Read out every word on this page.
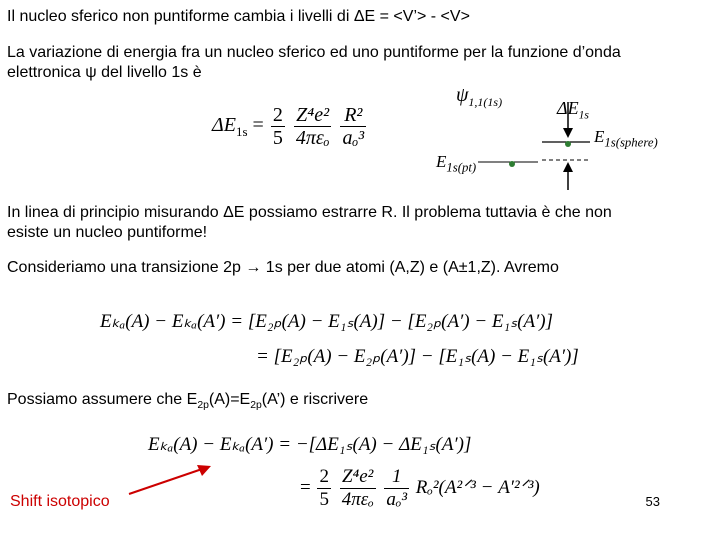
Il nucleo sferico non puntiforme cambia i livelli di ΔE = <V’> - <V>
La variazione di energia fra un nucleo sferico ed uno puntiforme per la funzione d’onda
elettronica ψ del livello 1s è
$\Delta E_{1s} = \frac{2}{5}$
$\frac{\text{Z⁴e²}}{\text{4πεₒ}}$
$\frac{\text{R²}}{\text{aₒ³}}$
$\psi_{1,1(1s)}$	$\Delta E_{1s}$
$E_{1s(sphere)}$
$E_{1s(pt)}$
In linea di principio misurando ΔE possiamo estrarre R. Il problema tuttavia è che non
esiste un nucleo puntiforme!
Consideriamo una transizione 2p → 1s per due atomi (A,Z) e (A±1,Z). Avremo
Eₖₐ(A) − Eₖₐ(A′) = [E₂ₚ(A) − E₁ₛ(A)] − [E₂ₚ(A′) − E₁ₛ(A′)]
= [E₂ₚ(A) − E₂ₚ(A′)] − [E₁ₛ(A) − E₁ₛ(A′)]
Possiamo assumere che $E_{2p}(A)=E_{2p}(A’)$ e riscrivere
Eₖₐ(A) − Eₖₐ(A′) = −[ΔE₁ₛ(A) − ΔE₁ₛ(A′)]
= $\frac{2}{5}$
$\frac{\text{Z⁴e²}}{\text{4πεₒ}}$
$\frac{1}{\text{aₒ³}}$ Rₒ²(A²ᐟ³ − A′²ᐟ³)
Shift isotopico	53
